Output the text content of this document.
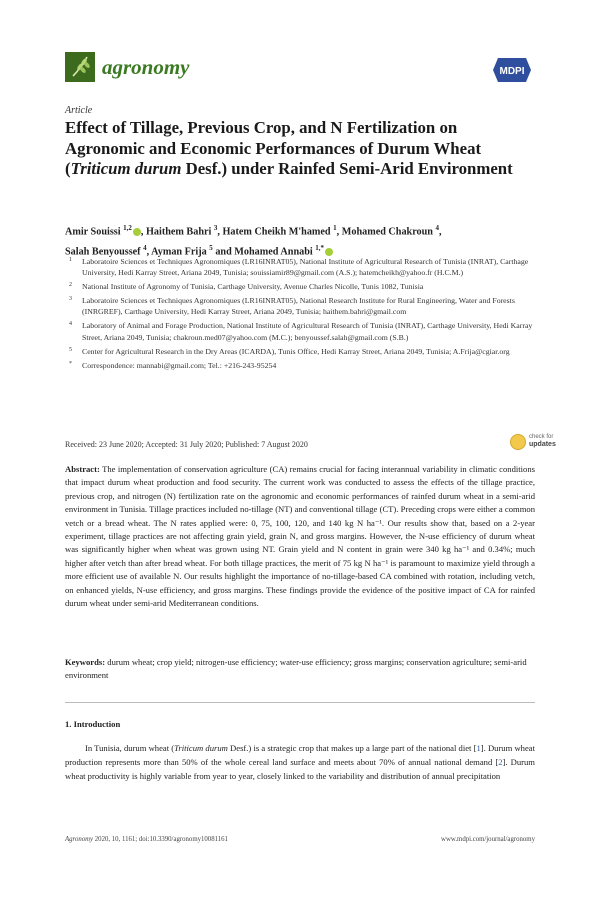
agronomy	MDPI
Article
Effect of Tillage, Previous Crop, and N Fertilization on Agronomic and Economic Performances of Durum Wheat (Triticum durum Desf.) under Rainfed Semi-Arid Environment
Amir Souissi $^{1,2}$ , Haithem Bahri $^3$, Hatem Cheikh M'hamed $^1$, Mohamed Chakroun $^4$,
Salah Benyoussef $^4$, Ayman Frija $^5$ and Mohamed Annabi $^{1,*}$
1 Laboratoire Sciences et Techniques Agronomiques (LR16INRAT05), National Institute of Agricultural Research of Tunisia (INRAT), Carthage University, Hedi Karray Street, Ariana 2049, Tunisia; souissiamir89@gmail.com (A.S.); hatemcheikh@yahoo.fr (H.C.M.)
2 National Institute of Agronomy of Tunisia, Carthage University, Avenue Charles Nicolle, Tunis 1082, Tunisia
3 Laboratoire Sciences et Techniques Agronomiques (LR16INRAT05), National Research Institute for Rural Engineering, Water and Forests (INRGREF), Carthage University, Hedi Karray Street, Ariana 2049, Tunisia; haithem.bahri@gmail.com
4 Laboratory of Animal and Forage Production, National Institute of Agricultural Research of Tunisia (INRAT), Carthage University, Hedi Karray Street, Ariana 2049, Tunisia; chakroun.med07@yahoo.com (M.C.); benyoussef.salah@gmail.com (S.B.)
5 Center for Agricultural Research in the Dry Areas (ICARDA), Tunis Office, Hedi Karray Street, Ariana 2049, Tunisia; A.Frija@cgiar.org
* Correspondence: mannabi@gmail.com; Tel.: +216-243-95254
Received: 23 June 2020; Accepted: 31 July 2020; Published: 7 August 2020
check for
updates

Abstract: The implementation of conservation agriculture (CA) remains crucial for facing interannual variability in climatic conditions that impact durum wheat production and food security. The current work was conducted to assess the effects of the tillage practice, previous crop, and nitrogen (N) fertilization rate on the agronomic and economic performances of rainfed durum wheat in a semi-arid environment in Tunisia. Tillage practices included no-tillage (NT) and conventional tillage (CT). Preceding crops were either a common vetch or a bread wheat. The N rates applied were: 0, 75, 100, 120, and 140 kg N ha⁻¹. Our results show that, based on a 2-year experiment, tillage practices are not affecting grain yield, grain N, and gross margins. However, the N-use efficiency of durum wheat was significantly higher when wheat was grown using NT. Grain yield and N content in grain were 340 kg ha⁻¹ and 0.34%; much higher after vetch than after bread wheat. For both tillage practices, the merit of 75 kg N ha⁻¹ is paramount to maximize yield through a more efficient use of available N. Our results highlight the importance of no-tillage-based CA combined with rotation, including vetch, on enhanced yields, N-use efficiency, and gross margins. These findings provide the evidence of the positive impact of CA for rainfed durum wheat under semi-arid Mediterranean conditions.

Keywords: durum wheat; crop yield; nitrogen-use efficiency; water-use efficiency; gross margins; conservation agriculture; semi-arid environment

1. Introduction

In Tunisia, durum wheat (Triticum durum Desf.) is a strategic crop that makes up a large part of the national diet [1]. Durum wheat production represents more than 50% of the whole cereal land surface and meets about 70% of annual national demand [2]. Durum wheat productivity is highly variable from year to year, closely linked to the variability and distribution of annual precipitation

Agronomy 2020, 10, 1161; doi:10.3390/agronomy10081161	www.mdpi.com/journal/agronomy
